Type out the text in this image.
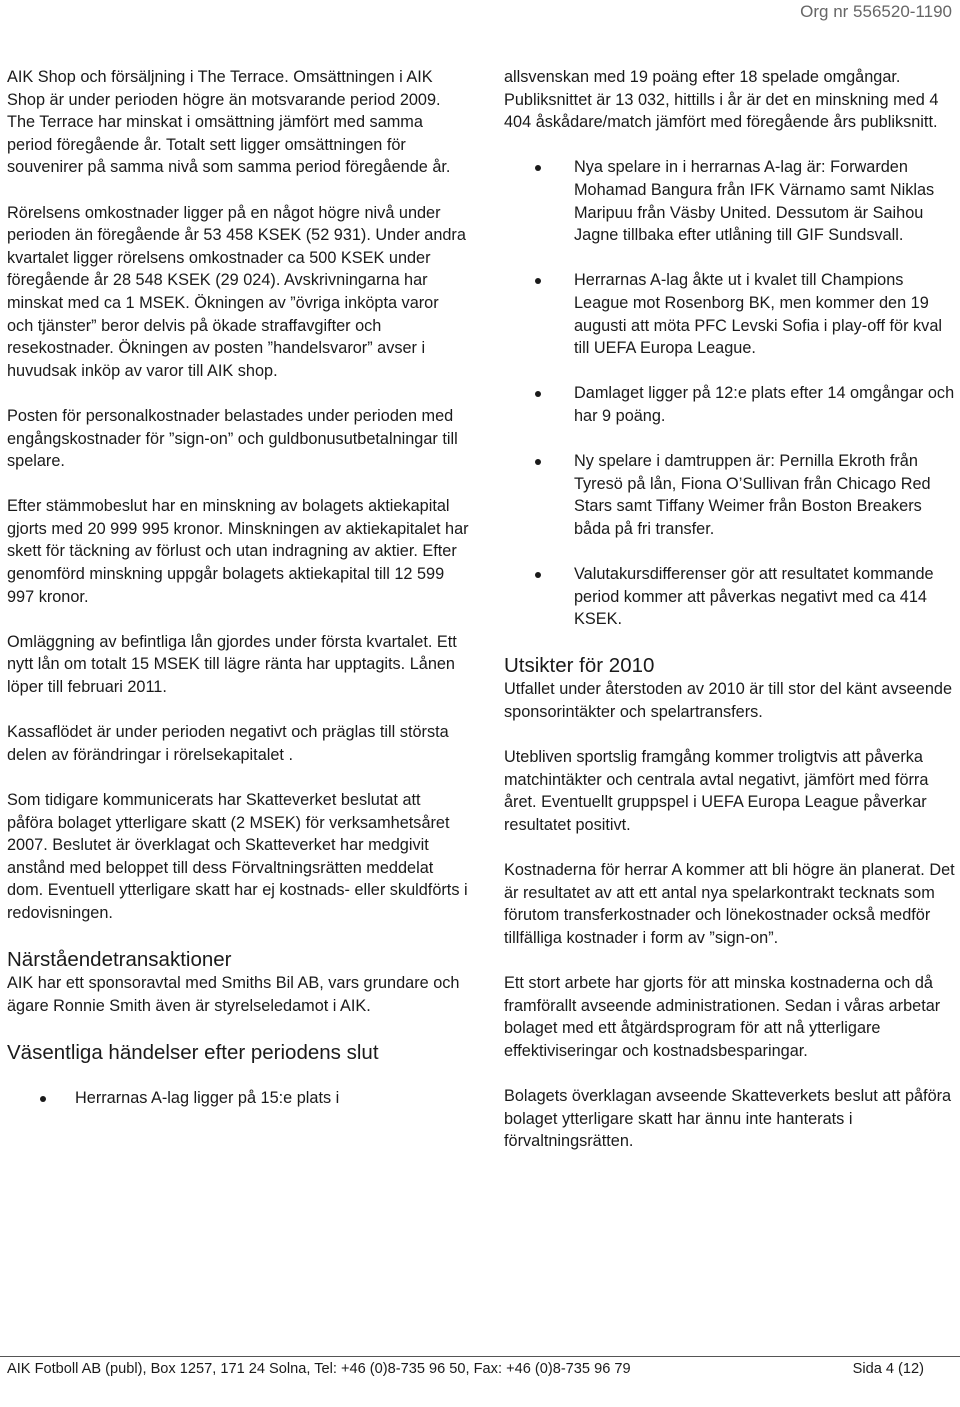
Org nr 556520-1190

AIK Shop och försäljning i The Terrace. Omsättningen i AIK Shop är under perioden högre än motsvarande period 2009. The Terrace har minskat i omsättning jämfört med samma period föregående år. Totalt sett ligger omsättningen för souvenirer på samma nivå som samma period föregående år.

Rörelsens omkostnader ligger på en något högre nivå under perioden än föregående år 53 458 KSEK (52 931). Under andra kvartalet ligger rörelsens omkostnader ca 500 KSEK under föregående år 28 548 KSEK (29 024). Avskrivningarna har minskat med ca 1 MSEK. Ökningen av ”övriga inköpta varor och tjänster” beror delvis på ökade straffavgifter och resekostnader. Ökningen av posten ”handelsvaror” avser i huvudsak inköp av varor till AIK shop.

Posten för personalkostnader belastades under perioden med engångskostnader för ”sign-on” och guldbonusutbetalningar till spelare.

Efter stämmobeslut har en minskning av bolagets aktiekapital gjorts med 20 999 995 kronor. Minskningen av aktiekapitalet har skett för täckning av förlust och utan indragning av aktier. Efter genomförd minskning uppgår bolagets aktiekapital till 12 599 997 kronor.

Omläggning av befintliga lån gjordes under första kvartalet. Ett nytt lån om totalt 15 MSEK till lägre ränta har upptagits. Lånen löper till februari 2011.

Kassaflödet är under perioden negativt och präglas till största delen av förändringar i rörelsekapitalet .

Som tidigare kommunicerats har Skatteverket beslutat att påföra bolaget ytterligare skatt (2 MSEK) för verksamhetsåret 2007. Beslutet är överklagat och Skatteverket har medgivit anstånd med beloppet till dess Förvaltningsrätten meddelat dom. Eventuell ytterligare skatt har ej kostnads- eller skuldförts i redovisningen.

Närståendetransaktioner

AIK har ett sponsoravtal med Smiths Bil AB, vars grundare och ägare Ronnie Smith även är styrelseledamot i AIK.

Väsentliga händelser efter periodens slut
Herrarnas A-lag ligger på 15:e plats i

allsvenskan med 19 poäng efter 18 spelade omgångar. Publiksnittet är 13 032, hittills i år är det en minskning med 4 404 åskådare/match jämfört med föregående års publiksnitt.

Nya spelare in i herrarnas A-lag är: Forwarden Mohamad Bangura från IFK Värnamo samt Niklas Maripuu från Väsby United. Dessutom är Saihou Jagne tillbaka efter utlåning till GIF Sundsvall.
Herrarnas A-lag åkte ut i kvalet till Champions League mot Rosenborg BK, men kommer den 19 augusti att möta PFC Levski Sofia i play-off för kval till UEFA Europa League.
Damlaget ligger på 12:e plats efter 14 omgångar och har 9 poäng.
Ny spelare i damtruppen är: Pernilla Ekroth från Tyresö på lån, Fiona O’Sullivan från Chicago Red Stars samt Tiffany Weimer från Boston Breakers båda på fri transfer.
Valutakursdifferenser gör att resultatet kommande period kommer att påverkas negativt med ca 414 KSEK.
Utsikter för 2010

Utfallet under återstoden av 2010 är till stor del känt avseende sponsorintäkter och spelartransfers.

Utebliven sportslig framgång kommer troligtvis att påverka matchintäkter och centrala avtal negativt, jämfört med förra året. Eventuellt gruppspel i UEFA Europa League påverkar resultatet positivt.

Kostnaderna för herrar A kommer att bli högre än planerat. Det är resultatet av att ett antal nya spelarkontrakt tecknats som förutom transferkostnader och lönekostnader också medför tillfälliga kostnader i form av ”sign-on”.

Ett stort arbete har gjorts för att minska kostnaderna och då framförallt avseende administrationen. Sedan i våras arbetar bolaget med ett åtgärdsprogram för att nå ytterligare effektiviseringar och kostnadsbesparingar.

Bolagets överklagan avseende Skatteverkets beslut att påföra bolaget ytterligare skatt har ännu inte hanterats i förvaltningsrätten.

AIK Fotboll AB (publ), Box 1257, 171 24 Solna, Tel: +46 (0)8-735 96 50, Fax: +46 (0)8-735 96 79	Sida 4 (12)
